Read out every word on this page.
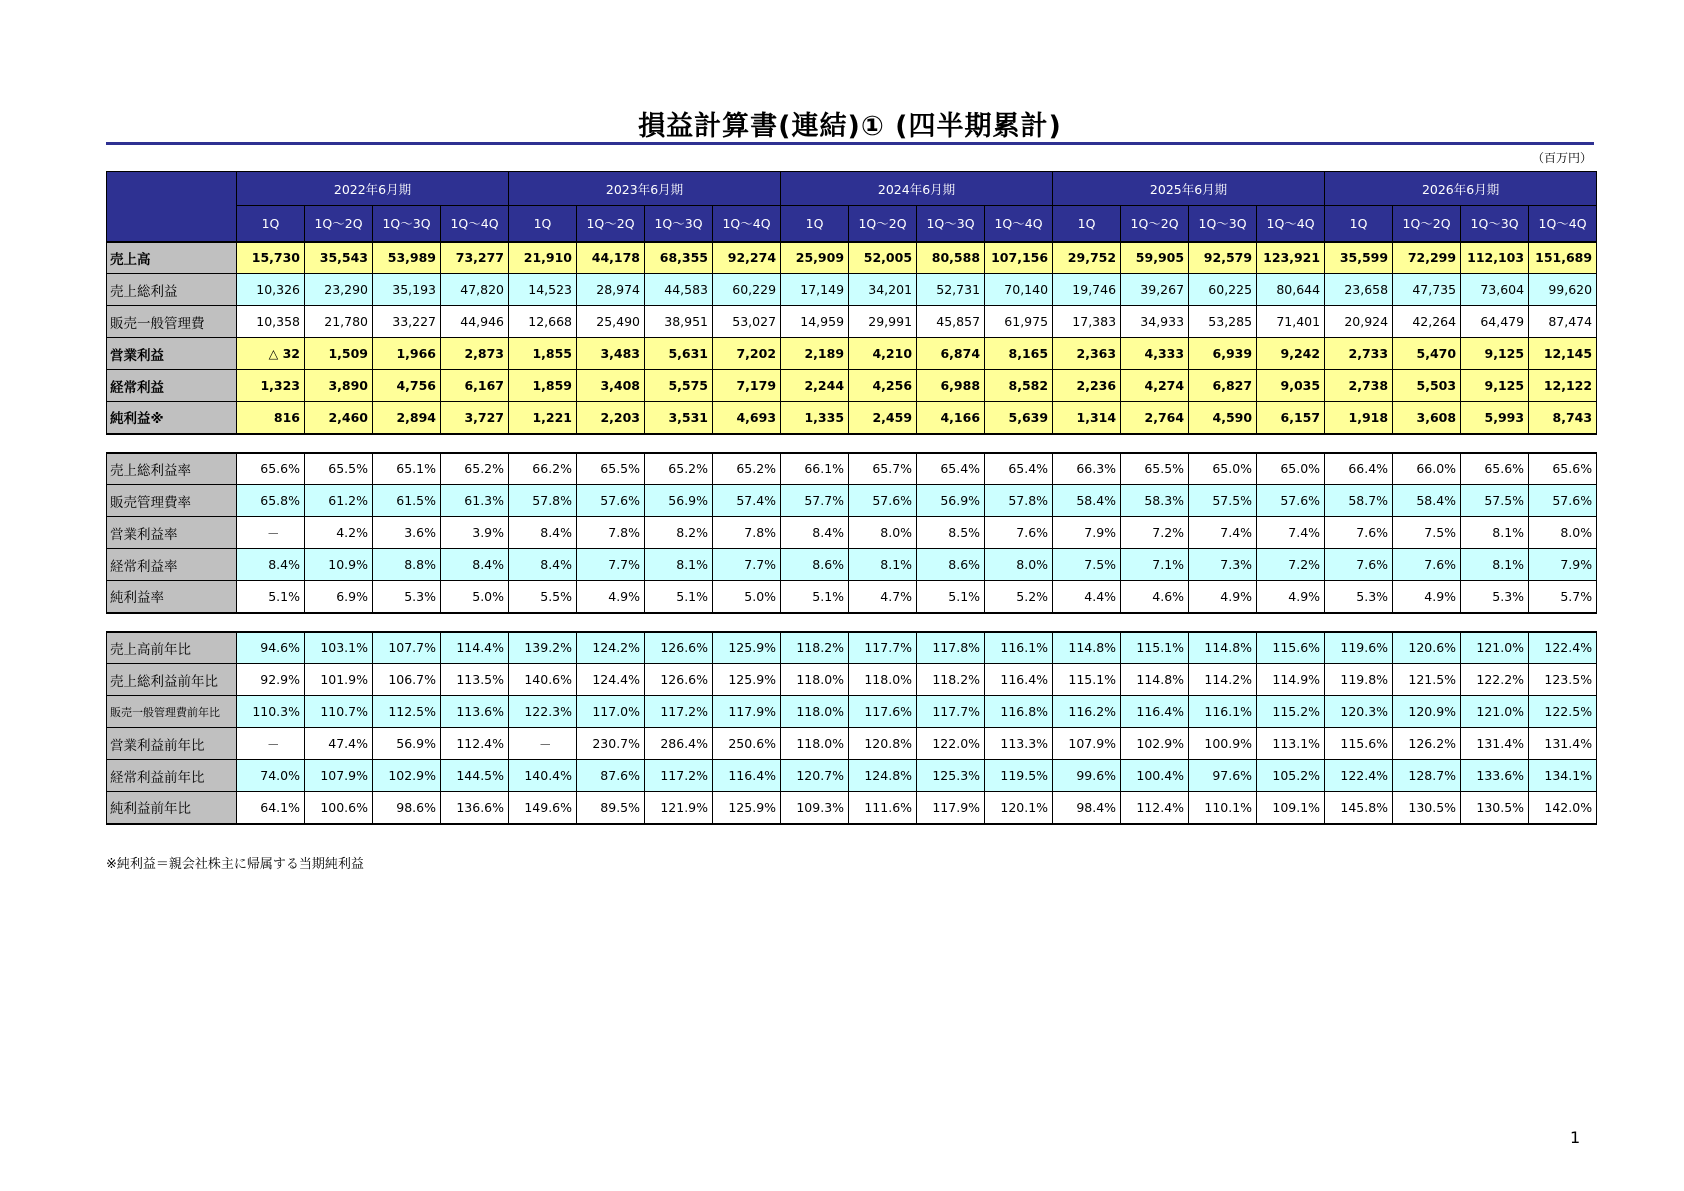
損益計算書(連結)① (四半期累計)
（百万円）
	2022年6月期				2023年6月期				2024年6月期				2025年6月期				2026年6月期			
	1Q	1Q～2Q	1Q～3Q	1Q～4Q	1Q	1Q～2Q	1Q～3Q	1Q～4Q	1Q	1Q～2Q	1Q～3Q	1Q～4Q	1Q	1Q～2Q	1Q～3Q	1Q～4Q	1Q	1Q～2Q	1Q～3Q	1Q～4Q
売上高	15,730	35,543	53,989	73,277	21,910	44,178	68,355	92,274	25,909	52,005	80,588	107,156	29,752	59,905	92,579	123,921	35,599	72,299	112,103	151,689
売上総利益	10,326	23,290	35,193	47,820	14,523	28,974	44,583	60,229	17,149	34,201	52,731	70,140	19,746	39,267	60,225	80,644	23,658	47,735	73,604	99,620
販売一般管理費	10,358	21,780	33,227	44,946	12,668	25,490	38,951	53,027	14,959	29,991	45,857	61,975	17,383	34,933	53,285	71,401	20,924	42,264	64,479	87,474
営業利益	△ 32	1,509	1,966	2,873	1,855	3,483	5,631	7,202	2,189	4,210	6,874	8,165	2,363	4,333	6,939	9,242	2,733	5,470	9,125	12,145
経常利益	1,323	3,890	4,756	6,167	1,859	3,408	5,575	7,179	2,244	4,256	6,988	8,582	2,236	4,274	6,827	9,035	2,738	5,503	9,125	12,122
純利益※	816	2,460	2,894	3,727	1,221	2,203	3,531	4,693	1,335	2,459	4,166	5,639	1,314	2,764	4,590	6,157	1,918	3,608	5,993	8,743

売上総利益率	65.6%	65.5%	65.1%	65.2%	66.2%	65.5%	65.2%	65.2%	66.1%	65.7%	65.4%	65.4%	66.3%	65.5%	65.0%	65.0%	66.4%	66.0%	65.6%	65.6%
販売管理費率	65.8%	61.2%	61.5%	61.3%	57.8%	57.6%	56.9%	57.4%	57.7%	57.6%	56.9%	57.8%	58.4%	58.3%	57.5%	57.6%	58.7%	58.4%	57.5%	57.6%
営業利益率	－	4.2%	3.6%	3.9%	8.4%	7.8%	8.2%	7.8%	8.4%	8.0%	8.5%	7.6%	7.9%	7.2%	7.4%	7.4%	7.6%	7.5%	8.1%	8.0%
経常利益率	8.4%	10.9%	8.8%	8.4%	8.4%	7.7%	8.1%	7.7%	8.6%	8.1%	8.6%	8.0%	7.5%	7.1%	7.3%	7.2%	7.6%	7.6%	8.1%	7.9%
純利益率	5.1%	6.9%	5.3%	5.0%	5.5%	4.9%	5.1%	5.0%	5.1%	4.7%	5.1%	5.2%	4.4%	4.6%	4.9%	4.9%	5.3%	4.9%	5.3%	5.7%

売上高前年比	94.6%	103.1%	107.7%	114.4%	139.2%	124.2%	126.6%	125.9%	118.2%	117.7%	117.8%	116.1%	114.8%	115.1%	114.8%	115.6%	119.6%	120.6%	121.0%	122.4%
売上総利益前年比	92.9%	101.9%	106.7%	113.5%	140.6%	124.4%	126.6%	125.9%	118.0%	118.0%	118.2%	116.4%	115.1%	114.8%	114.2%	114.9%	119.8%	121.5%	122.2%	123.5%
販売一般管理費前年比	110.3%	110.7%	112.5%	113.6%	122.3%	117.0%	117.2%	117.9%	118.0%	117.6%	117.7%	116.8%	116.2%	116.4%	116.1%	115.2%	120.3%	120.9%	121.0%	122.5%
営業利益前年比	－	47.4%	56.9%	112.4%	－	230.7%	286.4%	250.6%	118.0%	120.8%	122.0%	113.3%	107.9%	102.9%	100.9%	113.1%	115.6%	126.2%	131.4%	131.4%
経常利益前年比	74.0%	107.9%	102.9%	144.5%	140.4%	87.6%	117.2%	116.4%	120.7%	124.8%	125.3%	119.5%	99.6%	100.4%	97.6%	105.2%	122.4%	128.7%	133.6%	134.1%
純利益前年比	64.1%	100.6%	98.6%	136.6%	149.6%	89.5%	121.9%	125.9%	109.3%	111.6%	117.9%	120.1%	98.4%	112.4%	110.1%	109.1%	145.8%	130.5%	130.5%	142.0%
※純利益＝親会社株主に帰属する当期純利益
1
